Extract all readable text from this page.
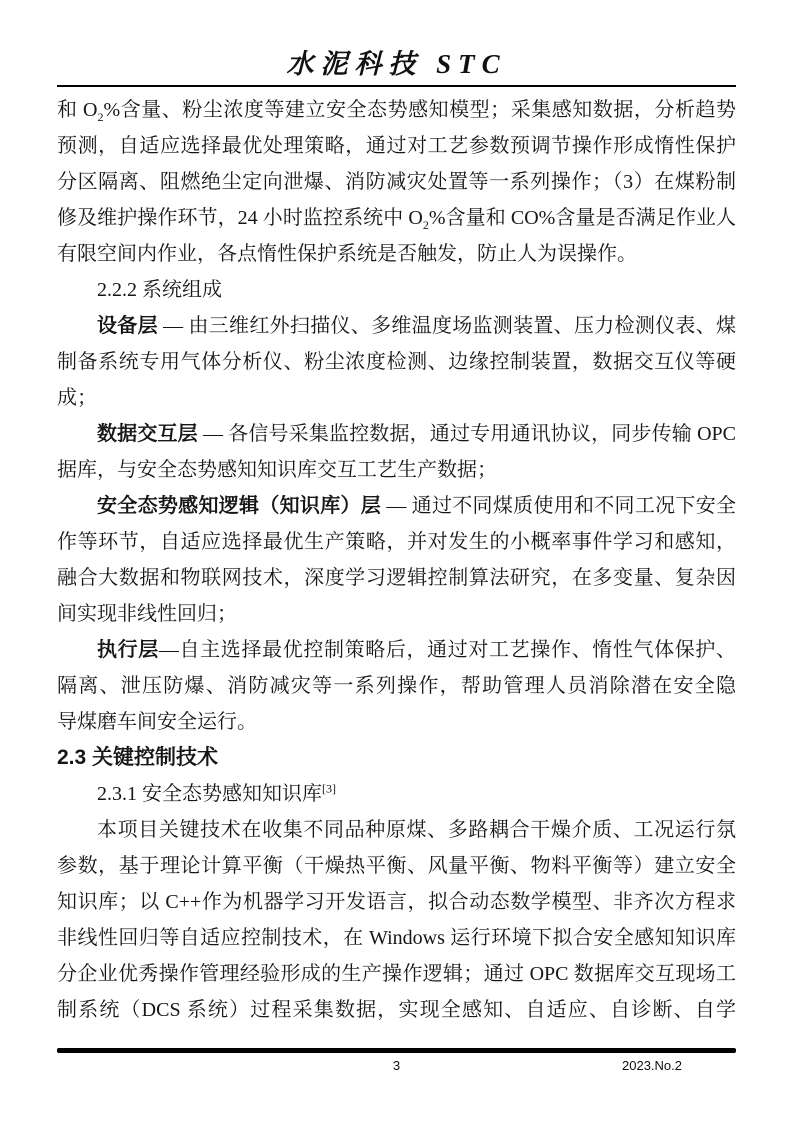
水泥科技 STC
和 $O_2\%$含量、粉尘浓度等建立安全态势感知模型；采集感知数据，分析趋势
预测，自适应选择最优处理策略，通过对工艺参数预调节操作形成惰性保护
分区隔离、阻燃绝尘定向泄爆、消防减灾处置等一系列操作；（3）在煤粉制
修及维护操作环节，24 小时监控系统中 $O_2\%$含量和 CO%含量是否满足作业人
有限空间内作业，各点惰性保护系统是否触发，防止人为误操作。
2.2.2 系统组成
设备层 — 由三维红外扫描仪、多维温度场监测装置、压力检测仪表、煤
制备系统专用气体分析仪、粉尘浓度检测、边缘控制装置，数据交互仪等硬
成；
数据交互层 — 各信号采集监控数据，通过专用通讯协议，同步传输 OPC
据库，与安全态势感知知识库交互工艺生产数据；
安全态势感知逻辑（知识库）层 — 通过不同煤质使用和不同工况下安全
作等环节，自适应选择最优生产策略，并对发生的小概率事件学习和感知，
融合大数据和物联网技术，深度学习逻辑控制算法研究，在多变量、复杂因
间实现非线性回归；
执行层—自主选择最优控制策略后，通过对工艺操作、惰性气体保护、
隔离、泄压防爆、消防减灾等一系列操作，帮助管理人员消除潜在安全隐
导煤磨车间安全运行。
2.3 关键控制技术
2.3.1 安全态势感知知识库[3]
本项目关键技术在收集不同品种原煤、多路耦合干燥介质、工况运行氛
参数，基于理论计算平衡（干燥热平衡、风量平衡、物料平衡等）建立安全
知识库；以 C++作为机器学习开发语言，拟合动态数学模型、非齐次方程求
非线性回归等自适应控制技术，在 Windows 运行环境下拟合安全感知知识库
分企业优秀操作管理经验形成的生产操作逻辑；通过 OPC 数据库交互现场工
制系统（DCS 系统）过程采集数据，实现全感知、自适应、自诊断、自学
3	2023.No.2
